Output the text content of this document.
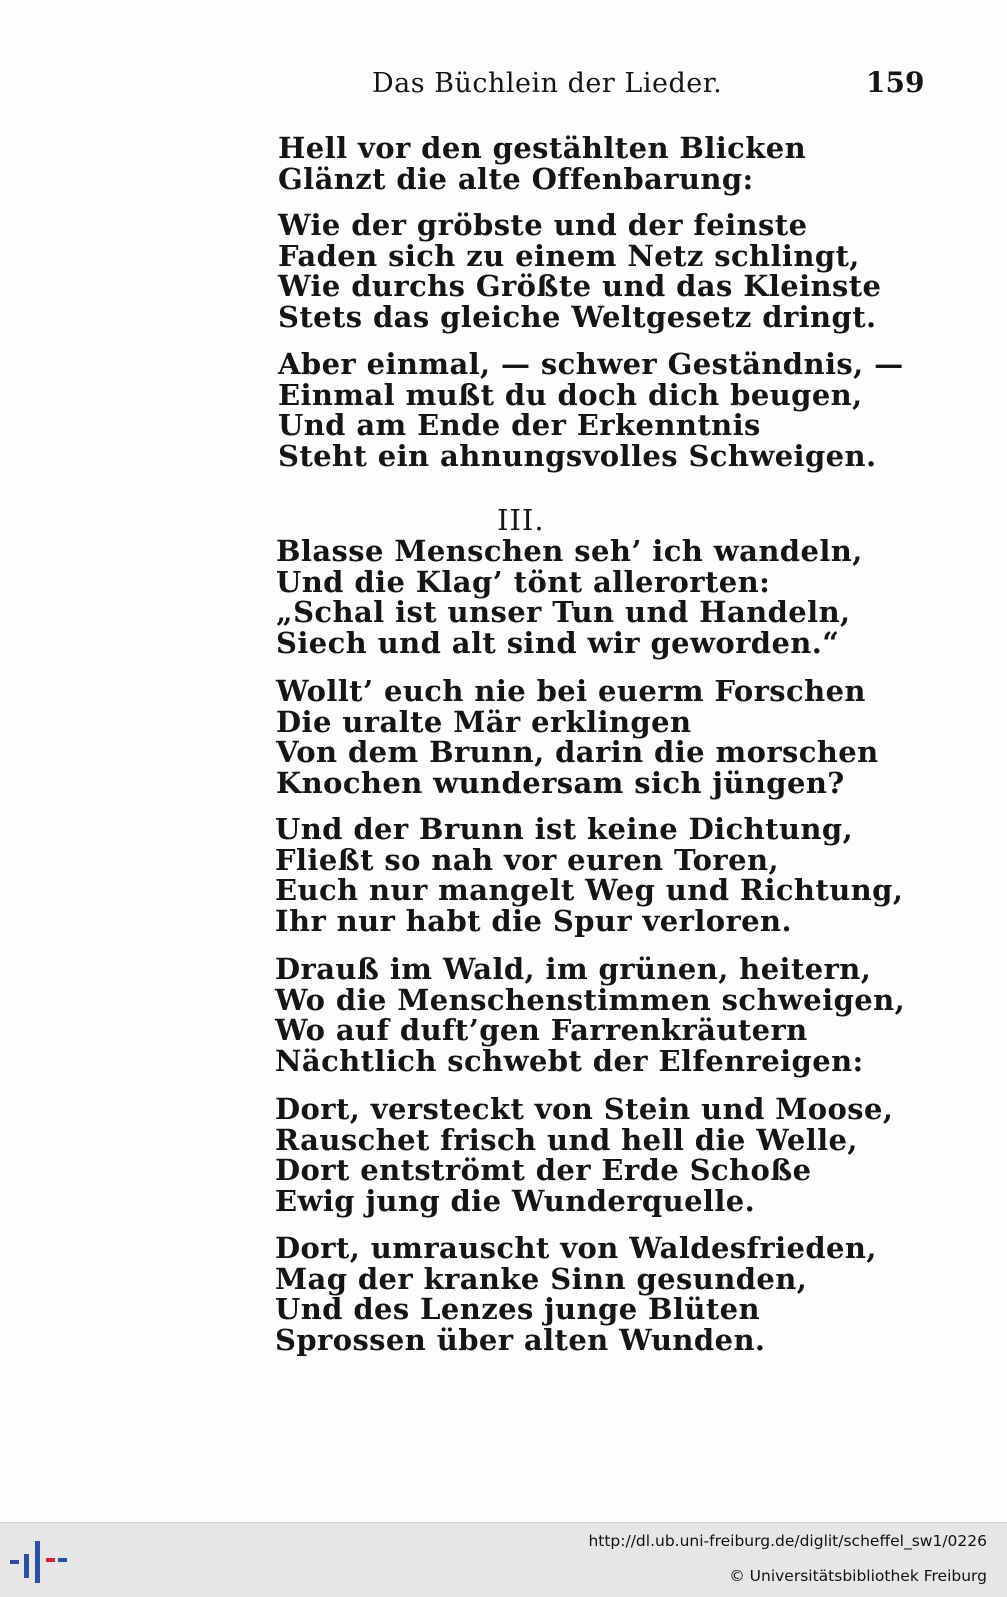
Das Büchlein der Lieder.	159
Hell vor den gestählten Blicken
Glänzt die alte Offenbarung:
Wie der gröbste und der feinste
Faden sich zu einem Netz schlingt,
Wie durchs Größte und das Kleinste
Stets das gleiche Weltgesetz dringt.
Aber einmal, — schwer Geständnis, —
Einmal mußt du doch dich beugen,
Und am Ende der Erkenntnis
Steht ein ahnungsvolles Schweigen.
III.
Blasse Menschen seh’ ich wandeln,
Und die Klag’ tönt allerorten:
„Schal ist unser Tun und Handeln,
Siech und alt sind wir geworden.“
Wollt’ euch nie bei euerm Forschen
Die uralte Mär erklingen
Von dem Brunn, darin die morschen
Knochen wundersam sich jüngen?
Und der Brunn ist keine Dichtung,
Fließt so nah vor euren Toren,
Euch nur mangelt Weg und Richtung,
Ihr nur habt die Spur verloren.
Drauß im Wald, im grünen, heitern,
Wo die Menschenstimmen schweigen,
Wo auf duft’gen Farrenkräutern
Nächtlich schwebt der Elfenreigen:
Dort, versteckt von Stein und Moose,
Rauschet frisch und hell die Welle,
Dort entströmt der Erde Schoße
Ewig jung die Wunderquelle.
Dort, umrauscht von Waldesfrieden,
Mag der kranke Sinn gesunden,
Und des Lenzes junge Blüten
Sprossen über alten Wunden.
http://dl.ub.uni-freiburg.de/diglit/scheffel_sw1/0226
© Universitätsbibliothek Freiburg
